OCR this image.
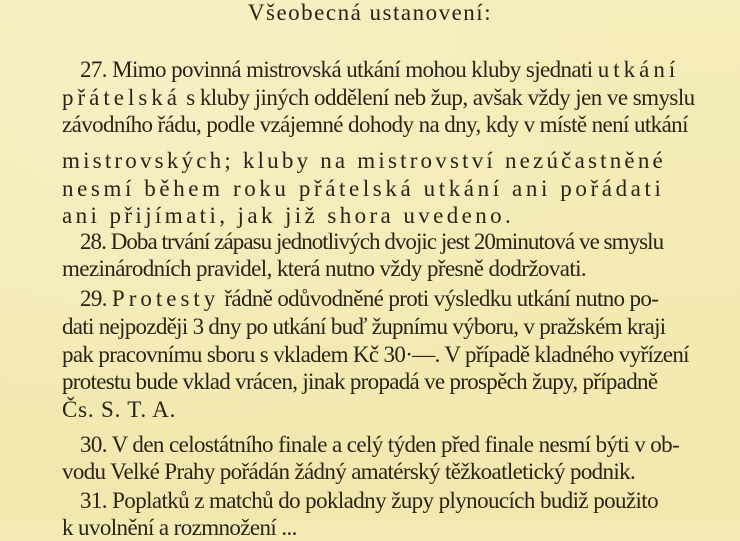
Všeobecná ustanovení:
27. Mimo povinná mistrovská utkání mohou kluby sjednati utkání
přátelská s kluby jiných oddělení neb žup, avšak vždy jen ve smyslu
závodního řádu, podle vzájemné dohody na dny, kdy v místě není utkání
mistrovských; kluby na mistrovství nezúčastněné
nesmí během roku přátelská utkání ani pořádati
ani přijímati, jak již shora uvedeno.
28. Doba trvání zápasu jednotlivých dvojic jest 20minutová ve smyslu
mezinárodních pravidel, která nutno vždy přesně dodržovati.
29. Protesty řádně odůvodněné proti výsledku utkání nutno po-
dati nejpozději 3 dny po utkání buď župnímu výboru, v pražském kraji
pak pracovnímu sboru s vkladem Kč 30·—. V případě kladného vyřízení
protestu bude vklad vrácen, jinak propadá ve prospěch župy, případně
Čs. S. T. A.
30. V den celostátního finale a celý týden před finale nesmí býti v ob-
vodu Velké Prahy pořádán žádný amatérský těžkoatletický podnik.
31. Poplatků z matchů do pokladny župy plynoucích budiž použito
k uvolnění a rozmnožení ...
